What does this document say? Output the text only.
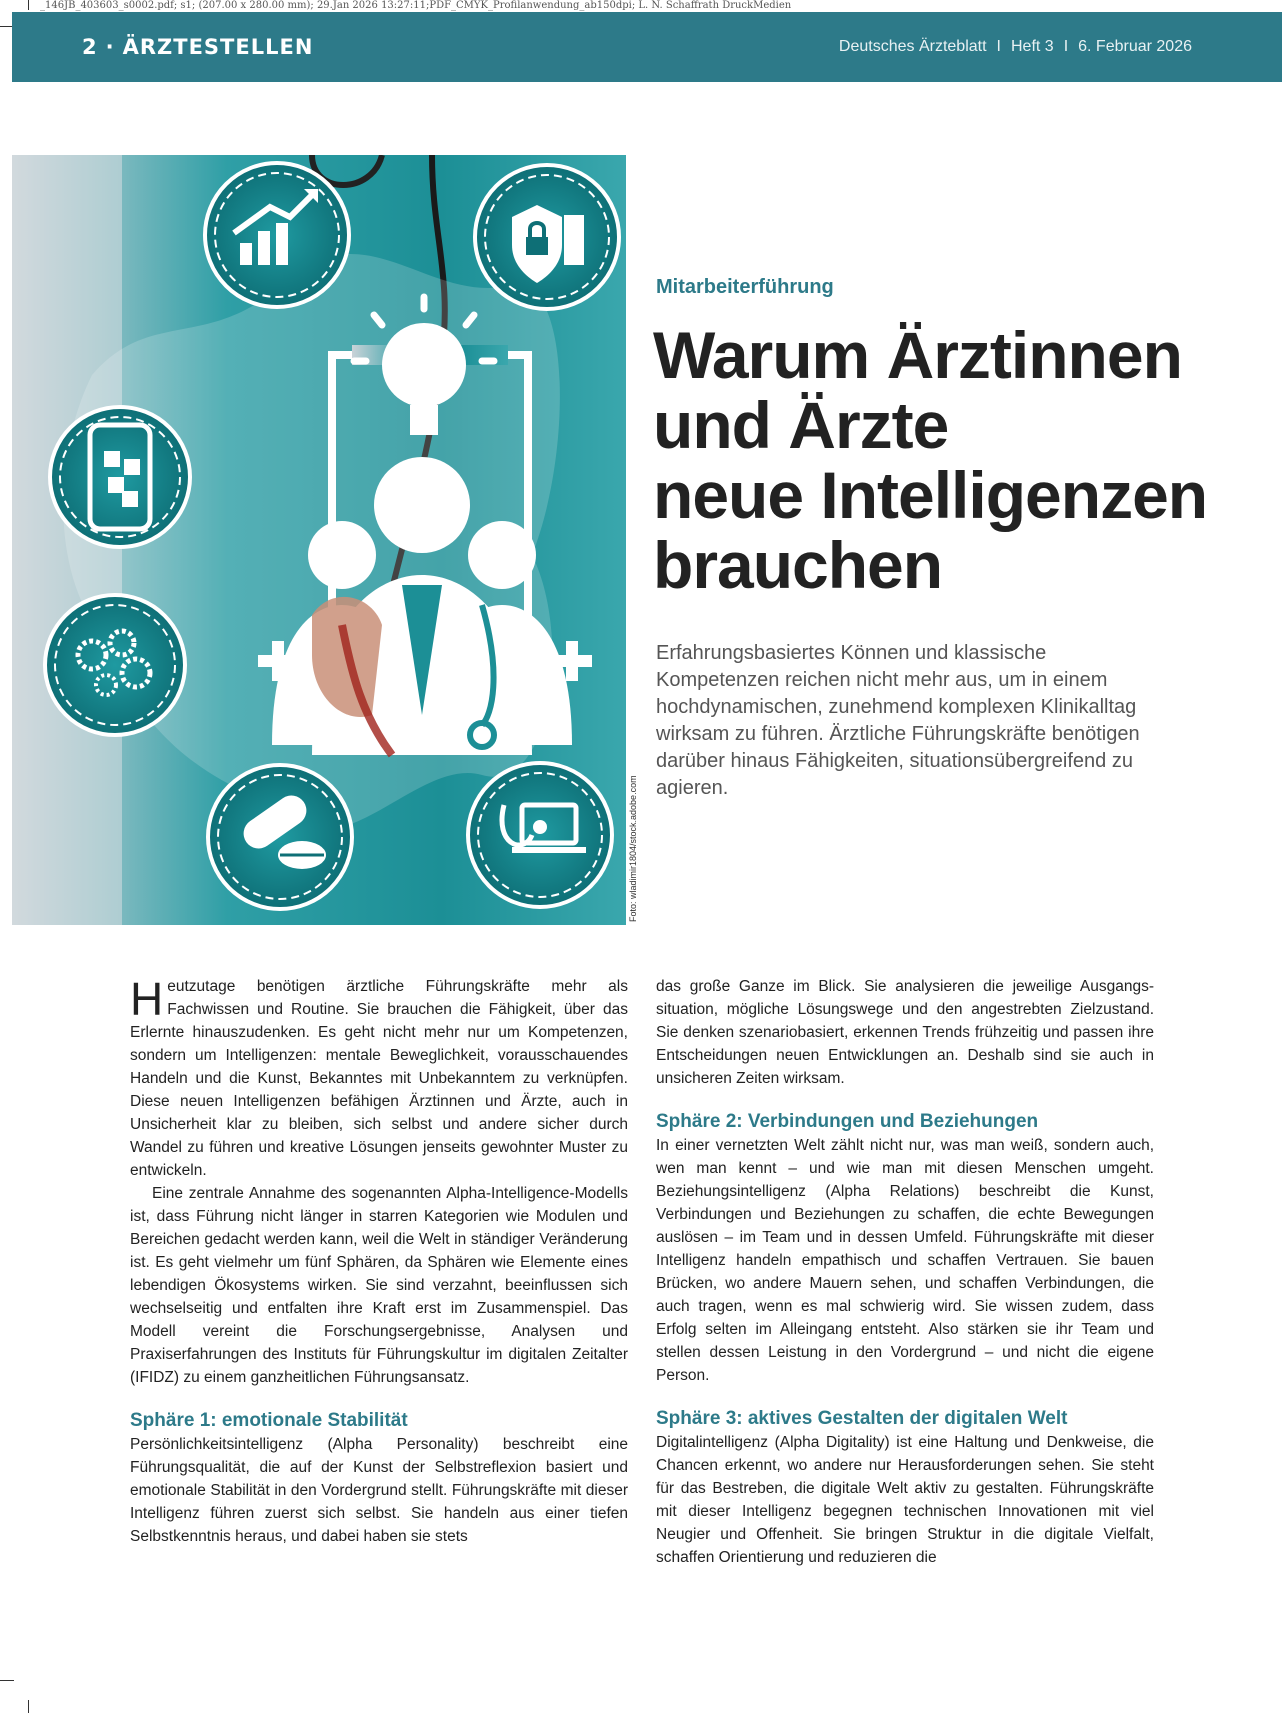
_146JB_403603_s0002.pdf; s1; (207.00 x 280.00 mm); 29.Jan 2026 13:27:11;PDF_CMYK_Profilanwendung_ab150dpi; L. N. Schaffrath DruckMedien
2 · ÄRZTESTELLEN	Deutsches Ärzteblatt I Heft 3 I 6. Februar 2026
Foto: wladimir1804/stock.adobe.com
Mitarbeiterführung
Warum Ärztinnen
und Ärzte
neue Intelligenzen
brauchen

Erfahrungsbasiertes Können und klassische Kompetenzen reichen nicht mehr aus, um in einem hochdynamischen, zunehmend komplexen Klinikalltag wirksam zu führen. Ärztliche Führungskräfte benötigen darüber hinaus Fähigkeiten, situationsübergreifend zu agieren.

Heutzutage benötigen ärztliche Führungskräfte mehr als Fachwissen und Routine. Sie brauchen die Fähigkeit, über das Erlernte hinauszudenken. Es geht nicht mehr nur um Kompetenzen, sondern um Intelligenzen: mentale Beweglichkeit, vorausschauendes Handeln und die Kunst, Bekanntes mit Unbekanntem zu verknüpfen. Diese neuen Intelligenzen befähigen Ärztinnen und Ärzte, auch in Unsicherheit klar zu bleiben, sich selbst und andere sicher durch Wandel zu führen und kreative Lösungen jenseits gewohnter Muster zu entwickeln.

Eine zentrale Annahme des sogenannten Alpha-Intelligence-Modells ist, dass Führung nicht länger in starren Kategorien wie Modulen und Bereichen gedacht werden kann, weil die Welt in ständiger Veränderung ist. Es geht vielmehr um fünf Sphären, da Sphären wie Elemente eines lebendigen Ökosystems wirken. Sie sind verzahnt, beeinflussen sich wechselseitig und entfalten ihre Kraft erst im Zusammenspiel. Das Modell vereint die Forschungsergebnisse, Analysen und Praxiserfahrungen des Instituts für Führungskultur im digitalen Zeitalter (IFIDZ) zu einem ganzheitlichen Führungsansatz.

Sphäre 1: emotionale Stabilität

Persönlichkeitsintelligenz (Alpha Personality) beschreibt eine Führungsqualität, die auf der Kunst der Selbstreflexion basiert und emotionale Stabilität in den Vordergrund stellt. Führungskräfte mit dieser Intelligenz führen zuerst sich selbst. Sie handeln aus einer tiefen Selbstkenntnis heraus, und dabei haben sie stets

das große Ganze im Blick. Sie analysieren die jeweilige Ausgangssituation, mögliche Lösungswege und den angestrebten Zielzustand. Sie denken szenariobasiert, erkennen Trends frühzeitig und passen ihre Entscheidungen neuen Entwicklungen an. Deshalb sind sie auch in unsicheren Zeiten wirksam.

Sphäre 2: Verbindungen und Beziehungen

In einer vernetzten Welt zählt nicht nur, was man weiß, sondern auch, wen man kennt – und wie man mit diesen Menschen umgeht. Beziehungsintelligenz (Alpha Relations) beschreibt die Kunst, Verbindungen und Beziehungen zu schaffen, die echte Bewegungen auslösen – im Team und in dessen Umfeld. Führungskräfte mit dieser Intelligenz handeln empathisch und schaffen Vertrauen. Sie bauen Brücken, wo andere Mauern sehen, und schaffen Verbindungen, die auch tragen, wenn es mal schwierig wird. Sie wissen zudem, dass Erfolg selten im Alleingang entsteht. Also stärken sie ihr Team und stellen dessen Leistung in den Vordergrund – und nicht die eigene Person.

Sphäre 3: aktives Gestalten der digitalen Welt

Digitalintelligenz (Alpha Digitality) ist eine Haltung und Denkweise, die Chancen erkennt, wo andere nur Herausforderungen sehen. Sie steht für das Bestreben, die digitale Welt aktiv zu gestalten. Führungskräfte mit dieser Intelligenz begegnen technischen Innovationen mit viel Neugier und Offenheit. Sie bringen Struktur in die digitale Vielfalt, schaffen Orientierung und reduzieren die
